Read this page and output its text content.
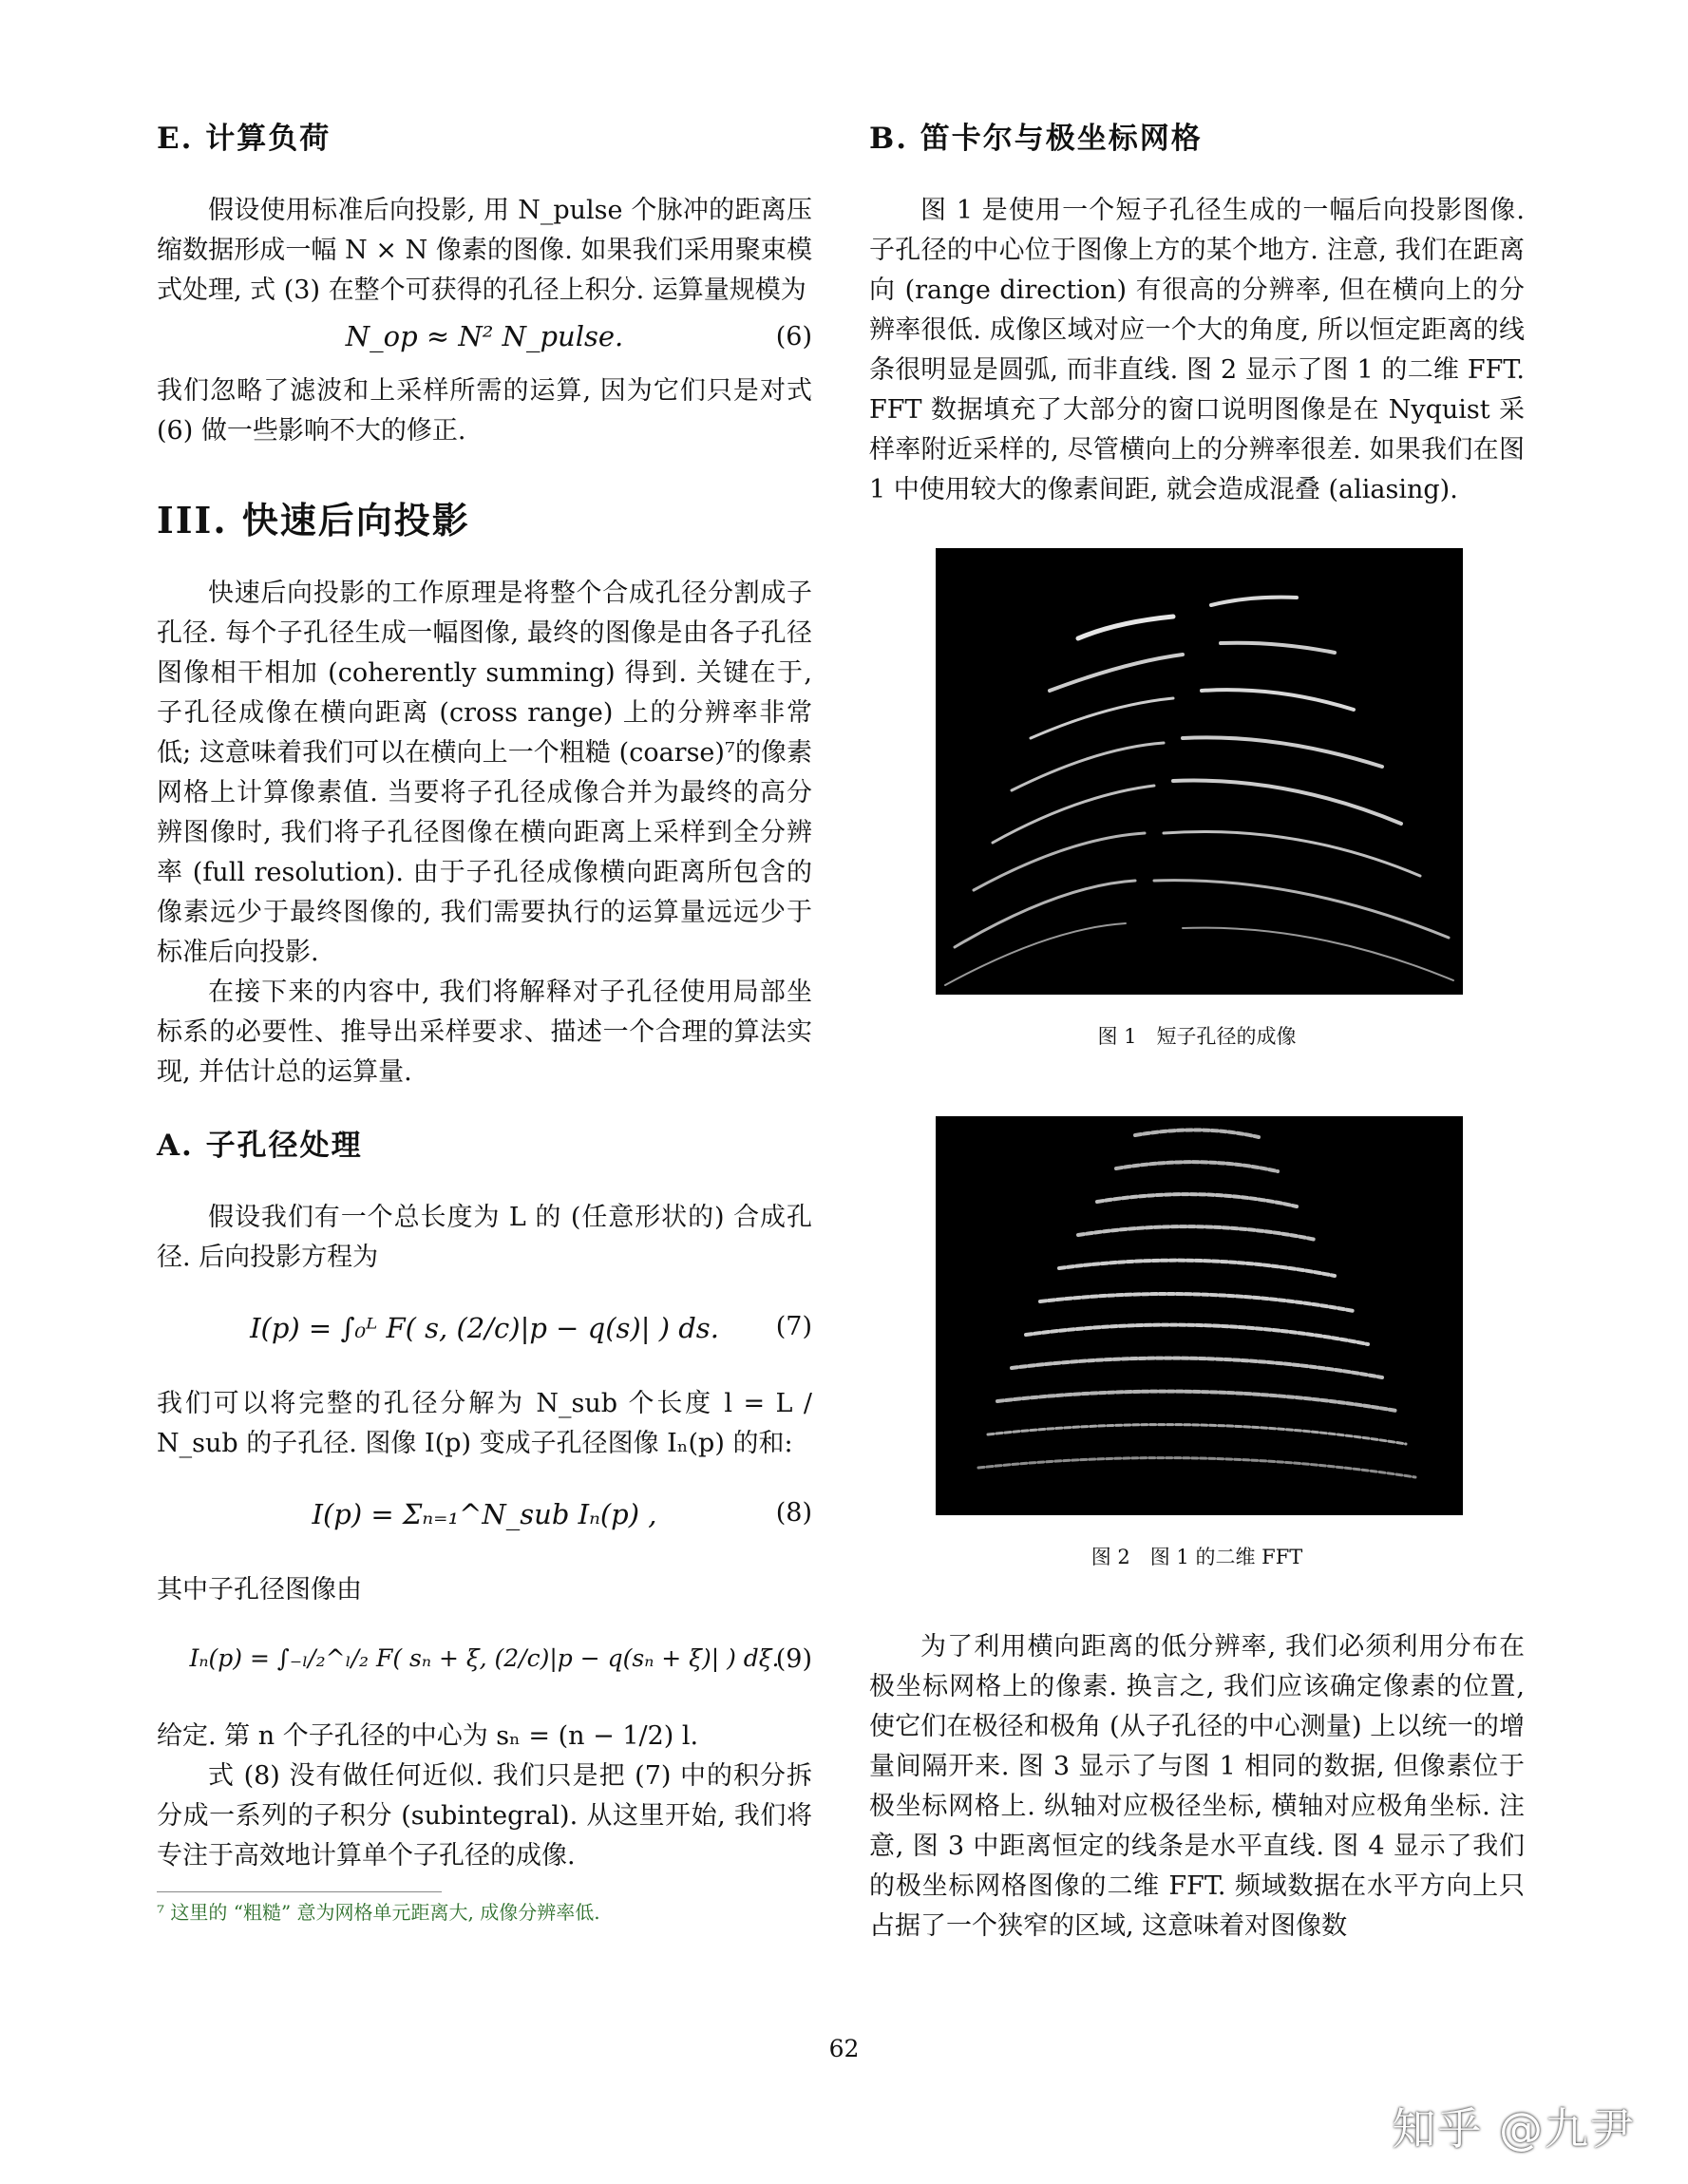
E. 计算负荷

假设使用标准后向投影, 用 N_pulse 个脉冲的距离压缩数据形成一幅 N × N 像素的图像. 如果我们采用聚束模式处理, 式 (3) 在整个可获得的孔径上积分. 运算量规模为

N_op ≈ N² N_pulse.	(6)

我们忽略了滤波和上采样所需的运算, 因为它们只是对式 (6) 做一些影响不大的修正.

III. 快速后向投影

快速后向投影的工作原理是将整个合成孔径分割成子孔径. 每个子孔径生成一幅图像, 最终的图像是由各子孔径图像相干相加 (coherently summing) 得到. 关键在于, 子孔径成像在横向距离 (cross range) 上的分辨率非常低; 这意味着我们可以在横向上一个粗糙 (coarse)⁷的像素网格上计算像素值. 当要将子孔径成像合并为最终的高分辨图像时, 我们将子孔径图像在横向距离上采样到全分辨率 (full resolution). 由于子孔径成像横向距离所包含的像素远少于最终图像的, 我们需要执行的运算量远远少于标准后向投影.

在接下来的内容中, 我们将解释对子孔径使用局部坐标系的必要性、推导出采样要求、描述一个合理的算法实现, 并估计总的运算量.

A. 子孔径处理

假设我们有一个总长度为 L 的 (任意形状的) 合成孔径. 后向投影方程为

I(p) = ∫₀ᴸ F( s, (2/c)|p − q(s)| ) ds.	(7)

我们可以将完整的孔径分解为 N_sub 个长度 l = L / N_sub 的子孔径. 图像 I(p) 变成子孔径图像 Iₙ(p) 的和:

I(p) = Σₙ₌₁^N_sub Iₙ(p) ,	(8)

其中子孔径图像由

Iₙ(p) = ∫₋ₗ/₂^ₗ/₂ F( sₙ + ξ, (2/c)|p − q(sₙ + ξ)| ) dξ.
(9)

给定. 第 n 个子孔径的中心为 sₙ = (n − 1/2) l.

式 (8) 没有做任何近似. 我们只是把 (7) 中的积分拆分成一系列的子积分 (subintegral). 从这里开始, 我们将专注于高效地计算单个子孔径的成像.

⁷ 这里的 “粗糙” 意为网格单元距离大, 成像分辨率低.
B. 笛卡尔与极坐标网格

图 1 是使用一个短子孔径生成的一幅后向投影图像. 子孔径的中心位于图像上方的某个地方. 注意, 我们在距离向 (range direction) 有很高的分辨率, 但在横向上的分辨率很低. 成像区域对应一个大的角度, 所以恒定距离的线条很明显是圆弧, 而非直线. 图 2 显示了图 1 的二维 FFT. FFT 数据填充了大部分的窗口说明图像是在 Nyquist 采样率附近采样的, 尽管横向上的分辨率很差. 如果我们在图 1 中使用较大的像素间距, 就会造成混叠 (aliasing).

图 1　短子孔径的成像

图 2　图 1 的二维 FFT

为了利用横向距离的低分辨率, 我们必须利用分布在极坐标网格上的像素. 换言之, 我们应该确定像素的位置, 使它们在极径和极角 (从子孔径的中心测量) 上以统一的增量间隔开来. 图 3 显示了与图 1 相同的数据, 但像素位于极坐标网格上. 纵轴对应极径坐标, 横轴对应极角坐标. 注意, 图 3 中距离恒定的线条是水平直线. 图 4 显示了我们的极坐标网格图像的二维 FFT. 频域数据在水平方向上只占据了一个狭窄的区域, 这意味着对图像数

62
知乎 @九尹
